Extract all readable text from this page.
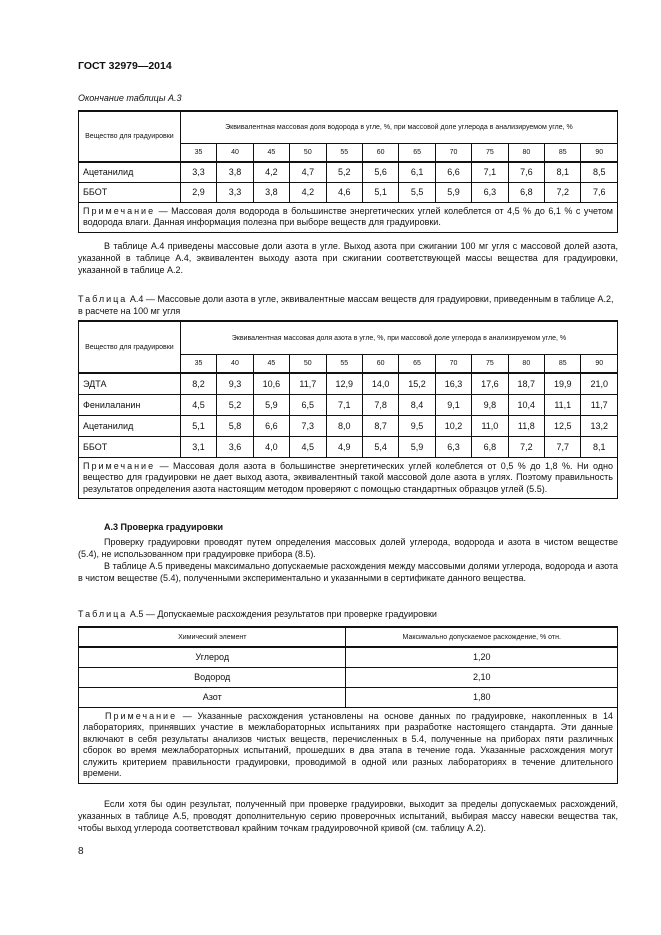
ГОСТ 32979—2014
Окончание таблицы А.3
Вещество для градуировки	Эквивалентная массовая доля водорода в угле, %, при массовой доле углерода в анализируемом угле, %											
	35	40	45	50	55	60	65	70	75	80	85	90
Ацетанилид	3,3	3,8	4,2	4,7	5,2	5,6	6,1	6,6	7,1	7,6	8,1	8,5
ББОТ	2,9	3,3	3,8	4,2	4,6	5,1	5,5	5,9	6,3	6,8	7,2	7,6
Примечание — Массовая доля водорода в большинстве энергетических углей колеблется от 4,5 % до 6,1 % с учетом водорода влаги. Данная информация полезна при выборе веществ для градуировки.												
В таблице А.4 приведены массовые доли азота в угле. Выход азота при сжигании 100 мг угля с массовой долей азота, указанной в таблице А.4, эквивалентен выходу азота при сжигании соответствующей массы вещества для градуировки, указанной в таблице А.2.
Таблица А.4 — Массовые доли азота в угле, эквивалентные массам веществ для градуировки, приведенным в таблице А.2, в расчете на 100 мг угля
Вещество для градуировки	Эквивалентная массовая доля азота в угле, %, при массовой доле углерода в анализируемом угле, %											
	35	40	45	50	55	60	65	70	75	80	85	90
ЭДТА	8,2	9,3	10,6	11,7	12,9	14,0	15,2	16,3	17,6	18,7	19,9	21,0
Фенилаланин	4,5	5,2	5,9	6,5	7,1	7,8	8,4	9,1	9,8	10,4	11,1	11,7
Ацетанилид	5,1	5,8	6,6	7,3	8,0	8,7	9,5	10,2	11,0	11,8	12,5	13,2
ББОТ	3,1	3,6	4,0	4,5	4,9	5,4	5,9	6,3	6,8	7,2	7,7	8,1
Примечание — Массовая доля азота в большинстве энергетических углей колеблется от 0,5 % до 1,8 %. Ни одно вещество для градуировки не дает выход азота, эквивалентный такой массовой доле азота в углях. Поэтому правильность результатов определения азота настоящим методом проверяют с помощью стандартных образцов углей (5.5).												
А.3 Проверка градуировки
Проверку градуировки проводят путем определения массовых долей углерода, водорода и азота в чистом веществе (5.4), не использованном при градуировке прибора (8.5).
В таблице А.5 приведены максимально допускаемые расхождения между массовыми долями углерода, водорода и азота в чистом веществе (5.4), полученными экспериментально и указанными в сертификате данного вещества.
Таблица А.5 — Допускаемые расхождения результатов при проверке градуировки
Химический элемент	Максимально допускаемое расхождение, % отн.
Углерод	1,20
Водород	2,10
Азот	1,80
Примечание — Указанные расхождения установлены на основе данных по градуировке, накопленных в 14 лабораториях, принявших участие в межлабораторных испытаниях при разработке настоящего стандарта. Эти данные включают в себя результаты анализов чистых веществ, перечисленных в 5.4, полученные на приборах пяти различных сборок во время межлабораторных испытаний, прошедших в два этапа в течение года. Указанные расхождения могут служить критерием правильности градуировки, проводимой в одной или разных лабораториях в течение длительного времени.	
Если хотя бы один результат, полученный при проверке градуировки, выходит за пределы допускаемых расхождений, указанных в таблице А.5, проводят дополнительную серию проверочных испытаний, выбирая массу навески вещества так, чтобы выход углерода соответствовал крайним точкам градуировочной кривой (см. таблицу А.2).
8
